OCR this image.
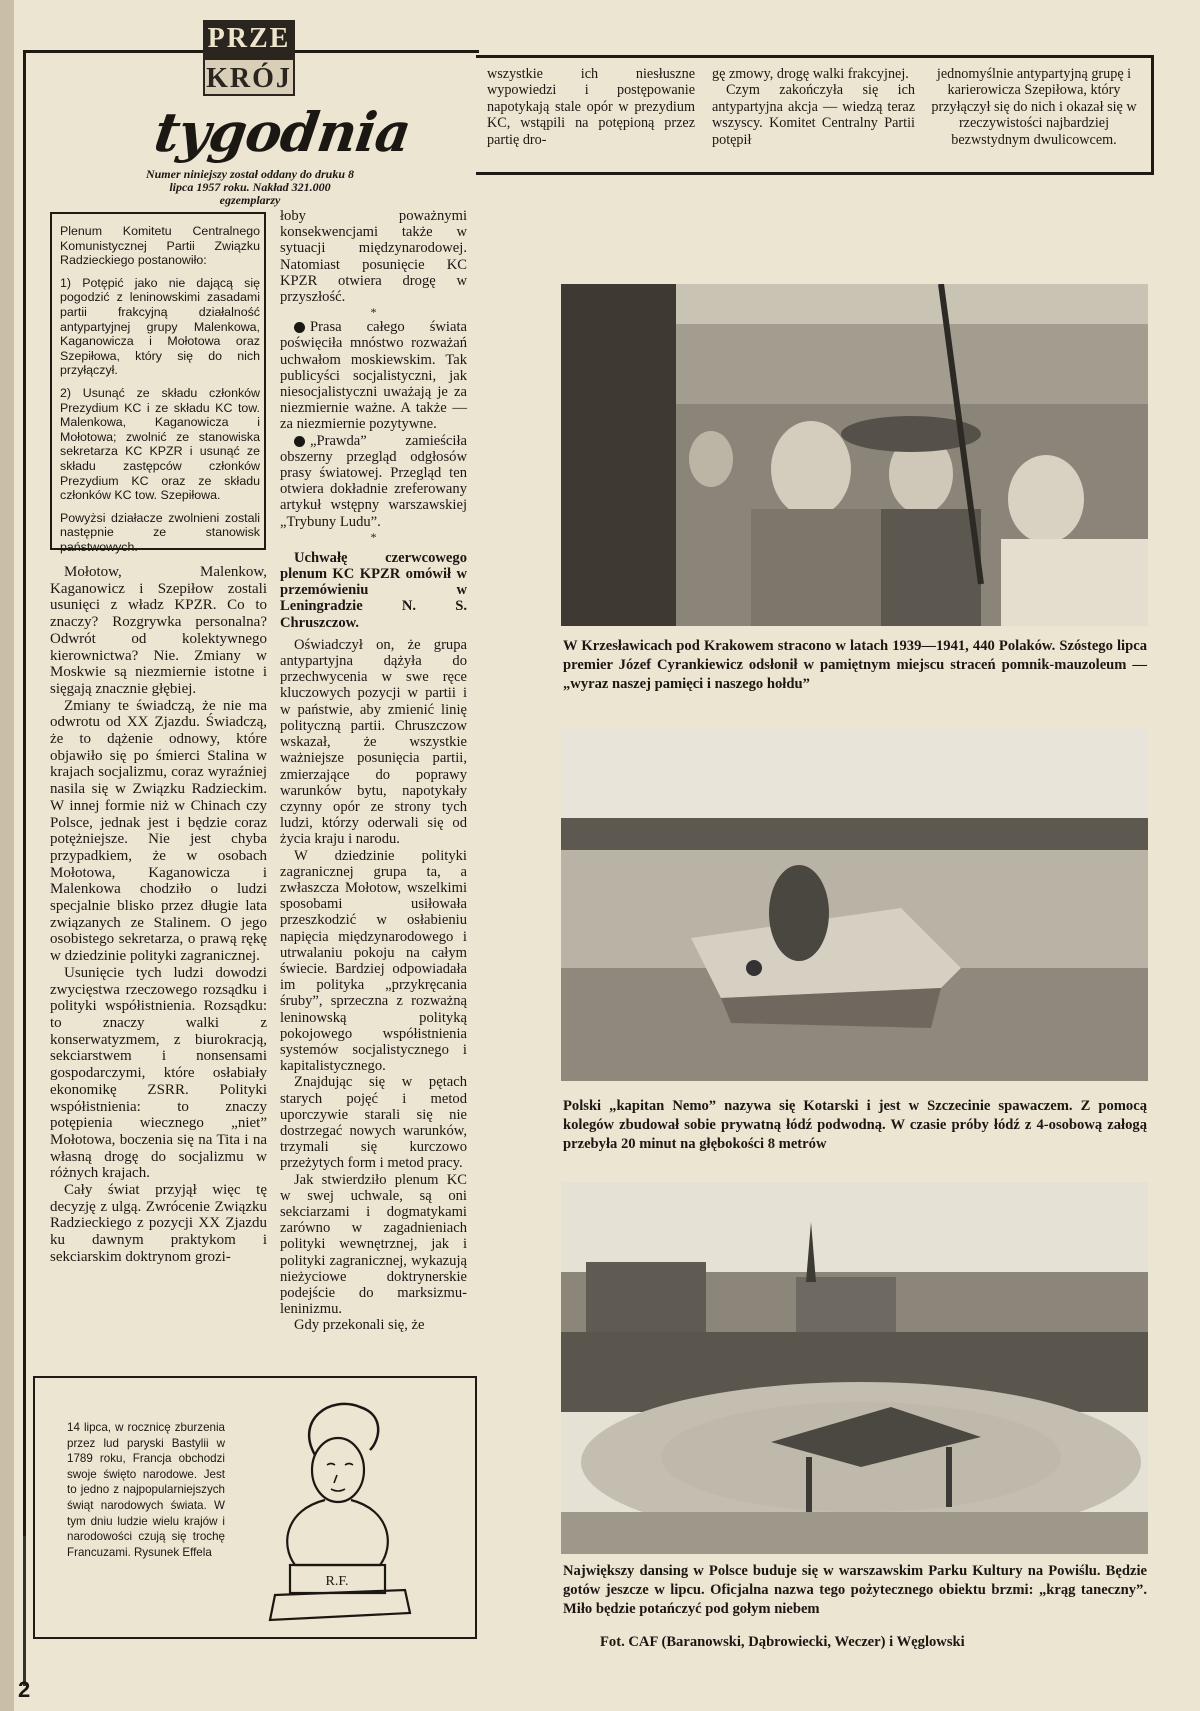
PRZE
KRÓJ
tygodnia
Numer niniejszy został oddany do druku 8 lipca 1957 roku. Nakład 321.000 egzemplarzy

wszystkie ich niesłuszne wypowiedzi i postępowanie napotykają stale opór w prezydium KC, wstąpili na potępioną przez partię dro-

gę zmowy, drogę walki frakcyjnej.

Czym zakończyła się ich antypartyjna akcja — wiedzą teraz wszyscy. Komitet Centralny Partii potępił

jednomyślnie antypartyjną grupę i karierowicza Szepiłowa, który przyłączył się do nich i okazał się w rzeczywistości najbardziej bezwstydnym dwulicowcem.

Plenum Komitetu Centralnego Komunistycznej Partii Związku Radzieckiego postanowiło:

1) Potępić jako nie dającą się pogodzić z leninowskimi zasadami partii frakcyjną działalność antypartyjnej grupy Malenkowa, Kaganowicza i Mołotowa oraz Szepiłowa, który się do nich przyłączył.

2) Usunąć ze składu członków Prezydium KC i ze składu KC tow. Malenkowa, Kaganowicza i Mołotowa; zwolnić ze stanowiska sekretarza KC KPZR i usunąć ze składu zastępców członków Prezydium KC oraz ze składu członków KC tow. Szepiłowa.

Powyżsi działacze zwolnieni zostali następnie ze stanowisk państwowych.

Mołotow, Malenkow, Kaganowicz i Szepiłow zostali usunięci z władz KPZR. Co to znaczy? Rozgrywka personalna? Odwrót od kolektywnego kierownictwa? Nie. Zmiany w Moskwie są niezmiernie istotne i sięgają znacznie głębiej.

Zmiany te świadczą, że nie ma odwrotu od XX Zjazdu. Świadczą, że to dążenie odnowy, które objawiło się po śmierci Stalina w krajach socjalizmu, coraz wyraźniej nasila się w Związku Radzieckim. W innej formie niż w Chinach czy Polsce, jednak jest i będzie coraz potężniejsze. Nie jest chyba przypadkiem, że w osobach Mołotowa, Kaganowicza i Malenkowa chodziło o ludzi specjalnie blisko przez długie lata związanych ze Stalinem. O jego osobistego sekretarza, o prawą rękę w dziedzinie polityki zagranicznej.

Usunięcie tych ludzi dowodzi zwycięstwa rzeczowego rozsądku i polityki współistnienia. Rozsądku: to znaczy walki z konserwatyzmem, z biurokracją, sekciarstwem i nonsensami gospodarczymi, które osłabiały ekonomikę ZSRR. Polityki współistnienia: to znaczy potępienia wiecznego „niet” Mołotowa, boczenia się na Tita i na własną drogę do socjalizmu w różnych krajach.

Cały świat przyjął więc tę decyzję z ulgą. Zwrócenie Związku Radzieckiego z pozycji XX Zjazdu ku dawnym praktykom i sekciarskim doktrynom grozi-

łoby poważnymi konsekwencjami także w sytuacji międzynarodowej. Natomiast posunięcie KC KPZR otwiera drogę w przyszłość.

*

Prasa całego świata poświęciła mnóstwo rozważań uchwałom moskiewskim. Tak publicyści socjalistyczni, jak niesocjalistyczni uważają je za niezmiernie ważne. A także — za niezmiernie pozytywne.

„Prawda” zamieściła obszerny przegląd odgłosów prasy światowej. Przegląd ten otwiera dokładnie zreferowany artykuł wstępny warszawskiej „Trybuny Ludu”.

*

Uchwałę czerwcowego plenum KC KPZR omówił w przemówieniu w Leningradzie N. S. Chruszczow.

Oświadczył on, że grupa antypartyjna dążyła do przechwycenia w swe ręce kluczowych pozycji w partii i w państwie, aby zmienić linię polityczną partii. Chruszczow wskazał, że wszystkie ważniejsze posunięcia partii, zmierzające do poprawy warunków bytu, napotykały czynny opór ze strony tych ludzi, którzy oderwali się od życia kraju i narodu.

W dziedzinie polityki zagranicznej grupa ta, a zwłaszcza Mołotow, wszelkimi sposobami usiłowała przeszkodzić w osłabieniu napięcia międzynarodowego i utrwalaniu pokoju na całym świecie. Bardziej odpowiadała im polityka „przykręcania śruby”, sprzeczna z rozważną leninowską polityką pokojowego współistnienia systemów socjalistycznego i kapitalistycznego.

Znajdując się w pętach starych pojęć i metod uporczywie starali się nie dostrzegać nowych warunków, trzymali się kurczowo przeżytych form i metod pracy.

Jak stwierdziło plenum KC w swej uchwale, są oni sekciarzami i dogmatykami zarówno w zagadnieniach polityki wewnętrznej, jak i polityki zagranicznej, wykazują nieżyciowe doktrynerskie podejście do marksizmu-leninizmu.

Gdy przekonali się, że

W Krzesławicach pod Krakowem stracono w latach 1939—1941, 440 Polaków. Szóstego lipca premier Józef Cyrankiewicz odsłonił w pamiętnym miejscu straceń pomnik-mauzoleum — „wyraz naszej pamięci i naszego hołdu”
Polski „kapitan Nemo” nazywa się Kotarski i jest w Szczecinie spawaczem. Z pomocą kolegów zbudował sobie prywatną łódź podwodną. W czasie próby łódź z 4-osobową załogą przebyła 20 minut na głębokości 8 metrów
Największy dansing w Polsce buduje się w warszawskim Parku Kultury na Powiślu. Będzie gotów jeszcze w lipcu. Oficjalna nazwa tego pożytecznego obiektu brzmi: „krąg taneczny”. Miło będzie potańczyć pod gołym niebem
Fot. CAF (Baranowski, Dąbrowiecki, Weczer) i Węglowski
14 lipca, w rocznicę zburzenia przez lud paryski Bastylii w 1789 roku, Francja obchodzi swoje święto narodowe. Jest to jedno z najpopularniejszych świąt narodowych świata. W tym dniu ludzie wielu krajów i narodowości czują się trochę Francuzami. Rysunek Effela
R.F.
2
